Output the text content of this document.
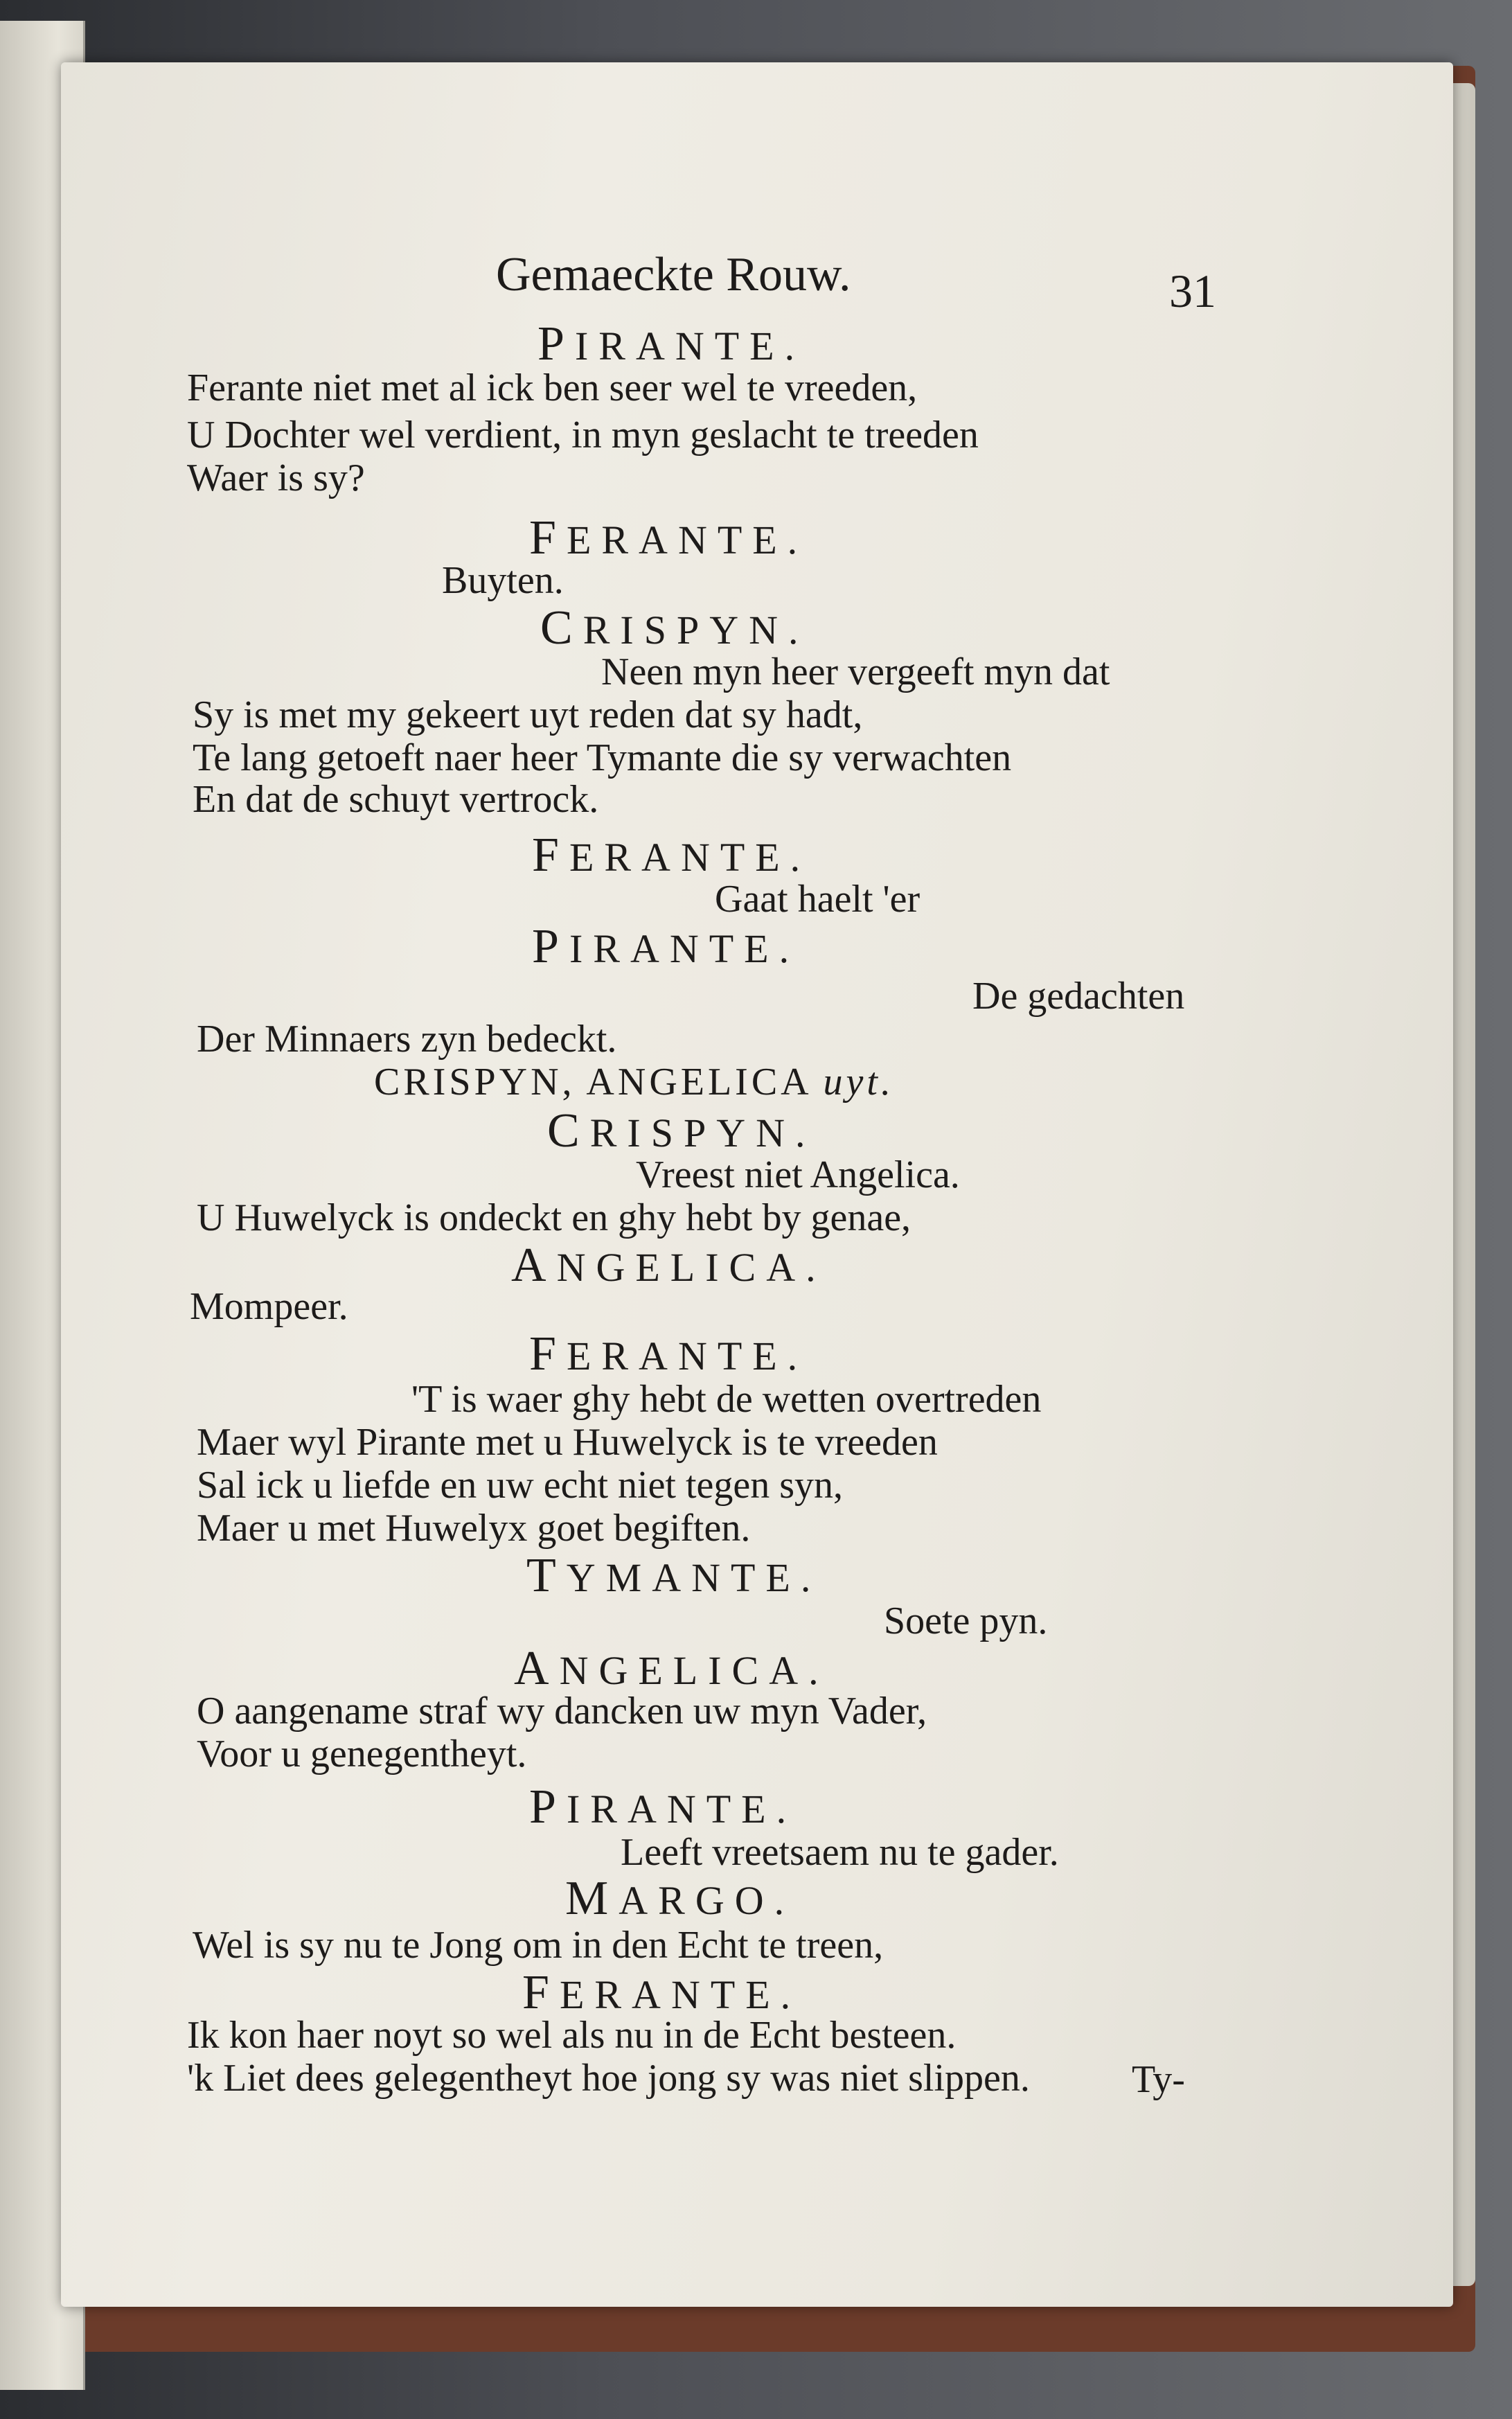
Gemaeckte Rouw.	31
PIRANTE.
Ferante niet met al ick ben seer wel te vreeden,
U Dochter wel verdient, in myn geslacht te treeden
Waer is sy?
FERANTE.
Buyten.
CRISPYN.
Neen myn heer vergeeft myn dat
Sy is met my gekeert uyt reden dat sy hadt,
Te lang getoeft naer heer Tymante die sy verwachten
En dat de schuyt vertrock.
FERANTE.
Gaat haelt 'er
PIRANTE.
De gedachten
Der Minnaers zyn bedeckt.
CRISPYN, ANGELICA uyt.
CRISPYN.
Vreest niet Angelica.
U Huwelyck is ondeckt en ghy hebt by genae,
ANGELICA.
Mompeer.
FERANTE.
'T is waer ghy hebt de wetten overtreden
Maer wyl Pirante met u Huwelyck is te vreeden
Sal ick u liefde en uw echt niet tegen syn,
Maer u met Huwelyx goet begiften.
TYMANTE.
Soete pyn.
ANGELICA.
O aangename straf wy dancken uw myn Vader,
Voor u genegentheyt.
PIRANTE.
Leeft vreetsaem nu te gader.
MARGO.
Wel is sy nu te Jong om in den Echt te treen,
FERANTE.
Ik kon haer noyt so wel als nu in de Echt besteen.
'k Liet dees gelegentheyt hoe jong sy was niet slippen.	Ty-
